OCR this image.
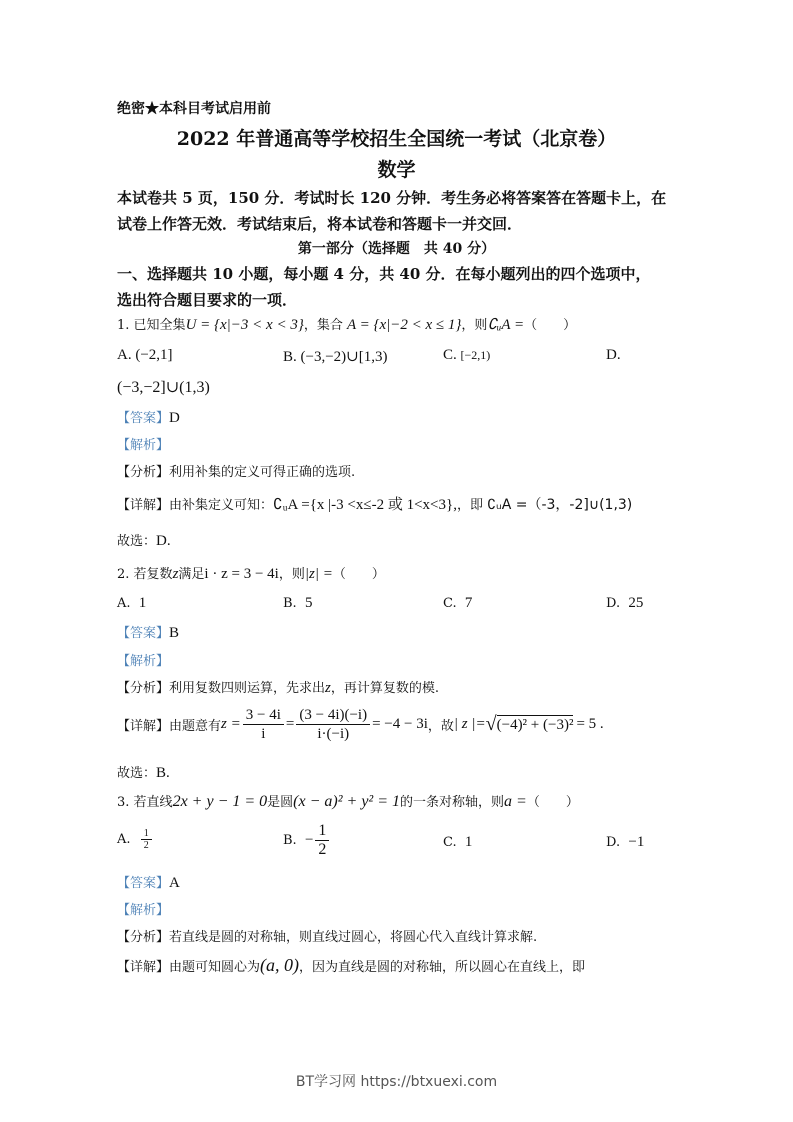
绝密★本科目考试启用前
2022 年普通高等学校招生全国统一考试（北京卷）
数学
本试卷共 5 页，150 分．考试时长 120 分钟．考生务必将答案答在答题卡上，在
试卷上作答无效．考试结束后，将本试卷和答题卡一并交回．
第一部分（选择题　共 40 分）
一、选择题共 10 小题，每小题 4 分，共 40 分．在每小题列出的四个选项中，
选出符合题目要求的一项．
1. 已知全集U = {x|−3 < x < 3}，集合 A = {x|−2 < x ≤ 1}，则∁ᵤA =（　　）
A. (−2,1]	B. (−3,−2)∪[1,3)	C. [−2,1)	D.
(−3,−2]∪(1,3)
【答案】D
【解析】
【分析】利用补集的定义可得正确的选项.
【详解】由补集定义可知：∁ᵤA ={x |-3 <x≤-2 或 1<x<3},，即 ∁ᵤA =（-3，-2]∪(1,3)
故选：D.
2. 若复数z满足i · z = 3 − 4i，则|z| =（　　）
A. 1	B. 5	C. 7	D. 25
【答案】B
【解析】
【分析】利用复数四则运算，先求出z，再计算复数的模.
【详解】 由题意有 $z = \frac{3 - 4i}{i} = \frac{(3 - 4i)(-i)}{i\cdot(-i)} = -4 - 3i$ ，故 | z |= √ (−4)² + (−3)² = 5 .
故选：B.
3. 若直线2x + y − 1 = 0是圆(x − a)² + y² = 1的一条对称轴，则a =（　　）
A.
$\frac{1}{2}$	B.
− $\frac{1}{2}$	C. 1	D. −1
【答案】A
【解析】
【分析】若直线是圆的对称轴，则直线过圆心，将圆心代入直线计算求解.
【详解】由题可知圆心为(a, 0)，因为直线是圆的对称轴，所以圆心在直线上，即
BT学习网 https://btxuexi.com
